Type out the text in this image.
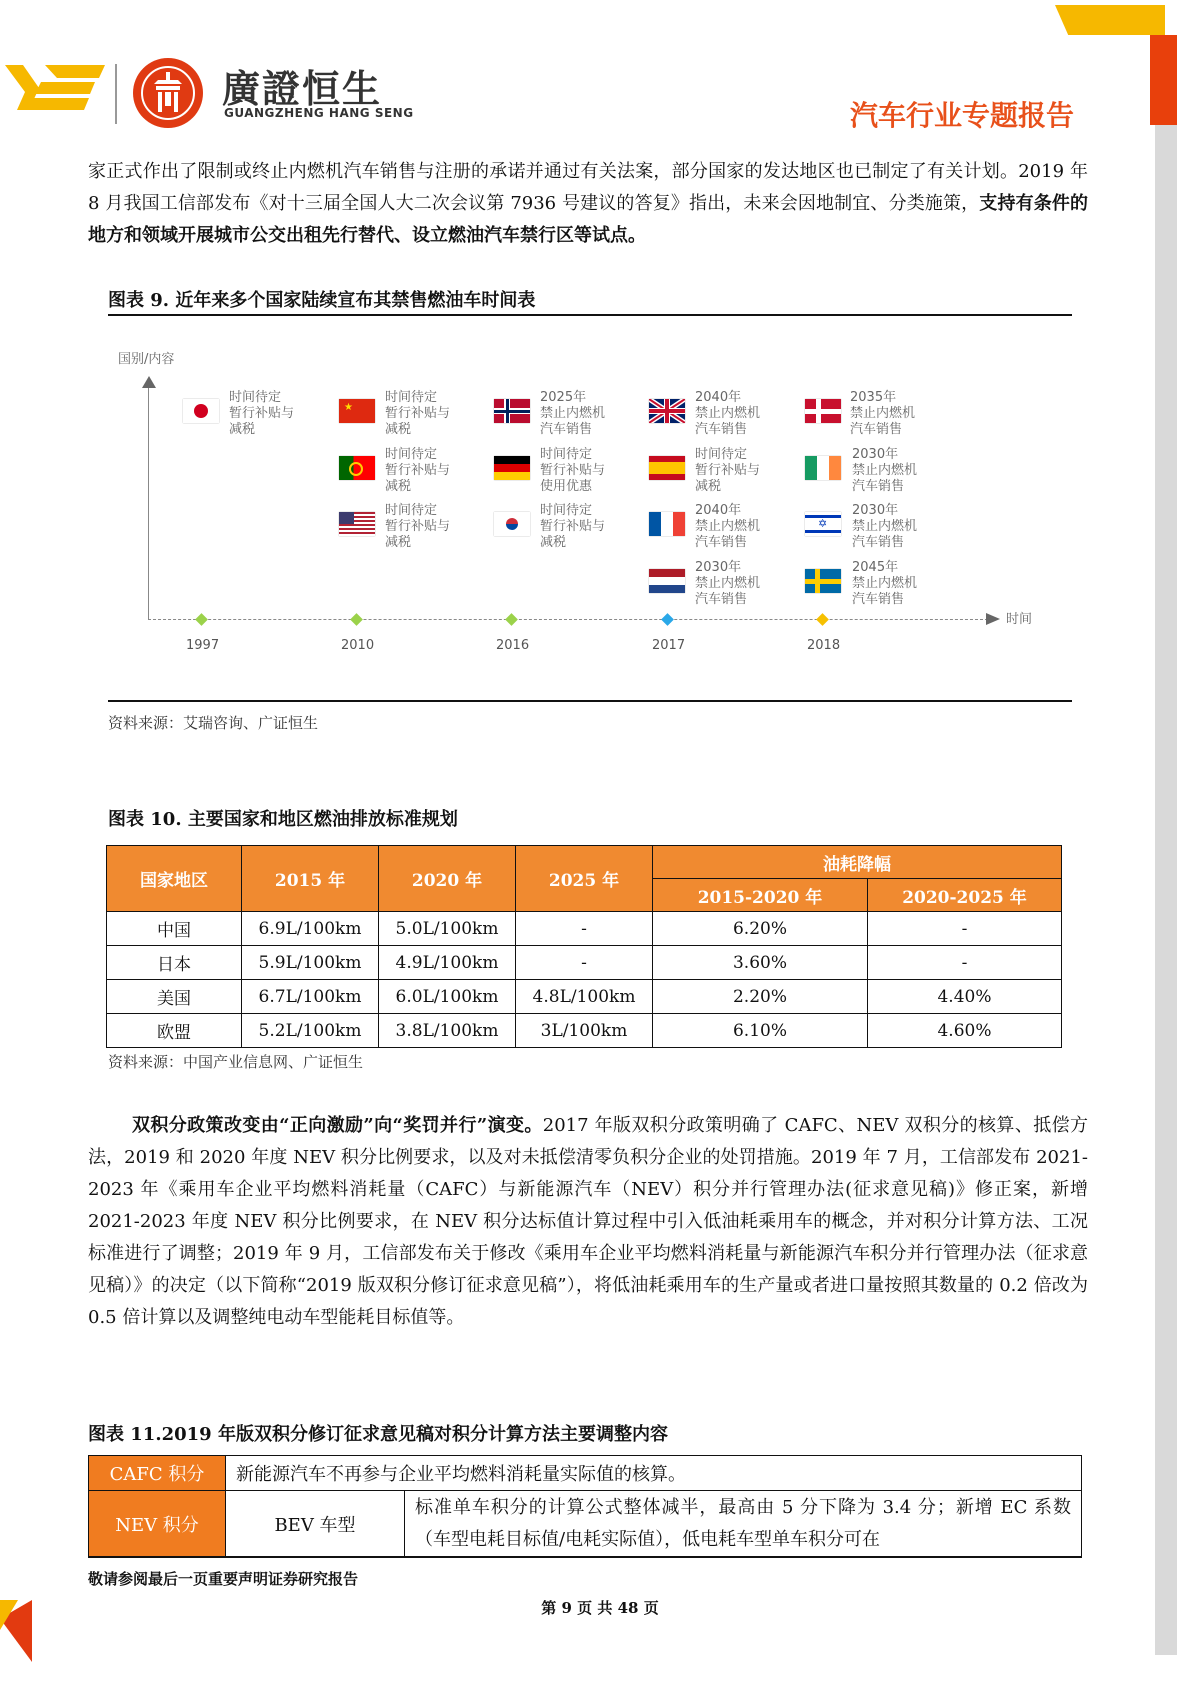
廣證恒生
GUANGZHENG HANG SENG	汽车行业专题报告
家正式作出了限制或终止内燃机汽车销售与注册的承诺并通过有关法案，部分国家的发达地区也已制定了有关计划。2019 年 8 月我国工信部发布《对十三届全国人大二次会议第 7936 号建议的答复》指出，未来会因地制宜、分类施策，支持有条件的地方和领域开展城市公交出租先行替代、设立燃油汽车禁行区等试点。
图表 9. 近年来多个国家陆续宣布其禁售燃油车时间表
国别/内容
时间
1997	2010	2016	2017	2018
★
✡
时间待定
暂行补贴与
减税
时间待定
暂行补贴与
减税
时间待定
暂行补贴与
减税
时间待定
暂行补贴与
减税
2025年
禁止内燃机
汽车销售
时间待定
暂行补贴与
使用优惠
时间待定
暂行补贴与
减税
2040年
禁止内燃机
汽车销售
时间待定
暂行补贴与
减税
2040年
禁止内燃机
汽车销售
2030年
禁止内燃机
汽车销售
2035年
禁止内燃机
汽车销售
2030年
禁止内燃机
汽车销售
2030年
禁止内燃机
汽车销售
2045年
禁止内燃机
汽车销售
资料来源：艾瑞咨询、广证恒生
图表 10. 主要国家和地区燃油排放标准规划
国家地区	2015 年	2020 年	2025 年	油耗降幅	
				2015-2020 年	2020-2025 年
中国	6.9L/100km	5.0L/100km	-	6.20%	-
日本	5.9L/100km	4.9L/100km	-	3.60%	-
美国	6.7L/100km	6.0L/100km	4.8L/100km	2.20%	4.40%
欧盟	5.2L/100km	3.8L/100km	3L/100km	6.10%	4.60%
资料来源：中国产业信息网、广证恒生
双积分政策改变由“正向激励”向“奖罚并行”演变。2017 年版双积分政策明确了 CAFC、NEV 双积分的核算、抵偿方法，2019 和 2020 年度 NEV 积分比例要求，以及对未抵偿清零负积分企业的处罚措施。2019 年 7 月，工信部发布 2021-2023 年《乘用车企业平均燃料消耗量（CAFC）与新能源汽车（NEV）积分并行管理办法(征求意见稿)》修正案，新增 2021-2023 年度 NEV 积分比例要求，在 NEV 积分达标值计算过程中引入低油耗乘用车的概念，并对积分计算方法、工况标准进行了调整；2019 年 9 月，工信部发布关于修改《乘用车企业平均燃料消耗量与新能源汽车积分并行管理办法（征求意见稿）》的决定（以下简称“2019 版双积分修订征求意见稿”），将低油耗乘用车的生产量或者进口量按照其数量的 0.2 倍改为 0.5 倍计算以及调整纯电动车型能耗目标值等。
图表 11.2019 年版双积分修订征求意见稿对积分计算方法主要调整内容
CAFC 积分	新能源汽车不再参与企业平均燃料消耗量实际值的核算。	
NEV 积分	BEV 车型	标准单车积分的计算公式整体减半，最高由 5 分下降为 3.4 分；新增 EC 系数（车型电耗目标值/电耗实际值），低电耗车型单车积分可在
敬请参阅最后一页重要声明证券研究报告
第 9 页 共 48 页
